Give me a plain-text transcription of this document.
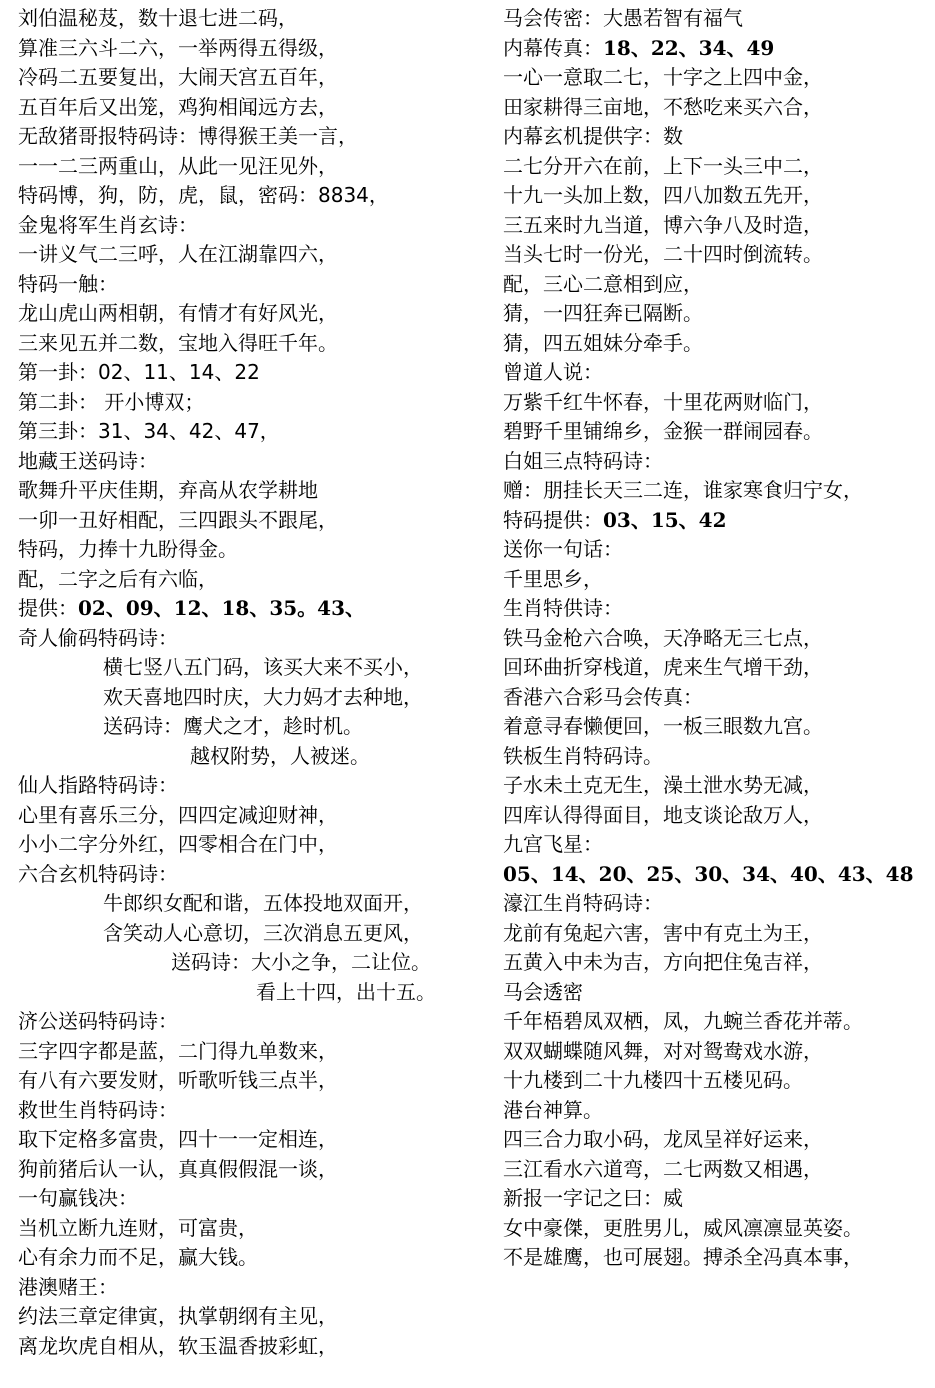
刘伯温秘芨，数十退七进二码，
算准三六斗二六，一举两得五得级，
冷码二五要复出，大闹天宫五百年，
五百年后又出笼，鸡狗相闻远方去，
无敌猪哥报特码诗：博得猴王美一言，
一一二三两重山，从此一见汪见外，
特码博，狗，防，虎，鼠，密码：8834，
金鬼将军生肖玄诗：
一讲义气二三呼，人在江湖靠四六，
特码一触：
龙山虎山两相朝，有情才有好风光，
三来见五并二数，宝地入得旺千年。
第一卦：02、11、14、22
第二卦： 开小博双；
第三卦：31、34、42、47，
地藏王送码诗：
歌舞升平庆佳期，弃高从农学耕地
一卯一丑好相配，三四跟头不跟尾，
特码，力捧十九盼得金。
配，二字之后有六临，
提供：02、09、12、18、35。43、
奇人偷码特码诗：
横七竖八五门码，该买大来不买小，
欢天喜地四时庆，大力妈才去种地，
送码诗：鹰犬之才，趁时机。
越权附势，人被迷。
仙人指路特码诗：
心里有喜乐三分，四四定减迎财神，
小小二字分外红，四零相合在门中，
六合玄机特码诗：
牛郎织女配和谐，五体投地双面开，
含笑动人心意切，三次消息五更风，
送码诗：大小之争，二让位。
看上十四，出十五。
济公送码特码诗：
三字四字都是蓝，二门得九单数来，
有八有六要发财，听歌听钱三点半，
救世生肖特码诗：
取下定格多富贵，四十一一定相连，
狗前猪后认一认，真真假假混一谈，
一句赢钱决：
当机立断九连财，可富贵，
心有余力而不足，赢大钱。
港澳赌王：
约法三章定律寅，执掌朝纲有主见，
离龙坎虎自相从，软玉温香披彩虹，
马会传密：大愚若智有福气
内幕传真：18、22、34、49
一心一意取二七，十字之上四中金，
田家耕得三亩地，不愁吃来买六合，
内幕玄机提供字：数
二七分开六在前，上下一头三中二，
十九一头加上数，四八加数五先开，
三五来时九当道，博六争八及时造，
当头七时一份光，二十四时倒流转。
配，三心二意相到应，
猜，一四狂奔已隔断。
猜，四五姐妹分牵手。
曾道人说：
万紫千红牛怀春，十里花两财临门，
碧野千里铺绵乡，金猴一群闹园春。
白姐三点特码诗：
赠：朋挂长天三二连，谁家寒食归宁女，
特码提供：03、15、42
送你一句话：
千里思乡，
生肖特供诗：
铁马金枪六合唤，天净略无三七点，
回环曲折穿栈道，虎来生气增干劲，
香港六合彩马会传真：
着意寻春懒便回，一板三眼数九宫。
铁板生肖特码诗。
子水未土克无生，澡土泄水势无减，
四库认得得面目，地支谈论敌万人，
九宫飞星：
05、14、20、25、30、34、40、43、48
濠江生肖特码诗：
龙前有兔起六害，害中有克土为王，
五黄入中未为吉，方向把住兔吉祥，
马会透密
千年梧碧凤双栖，凤，九蜿兰香花并蒂。
双双蝴蝶随风舞，对对鸳鸯戏水游，
十九楼到二十九楼四十五楼见码。
港台神算。
四三合力取小码，龙凤呈祥好运来，
三江看水六道弯，二七两数又相遇，
新报一字记之曰：威
女中豪傑，更胜男儿，威风凛凛显英姿。
不是雄鹰，也可展翅。搏杀全冯真本事，
